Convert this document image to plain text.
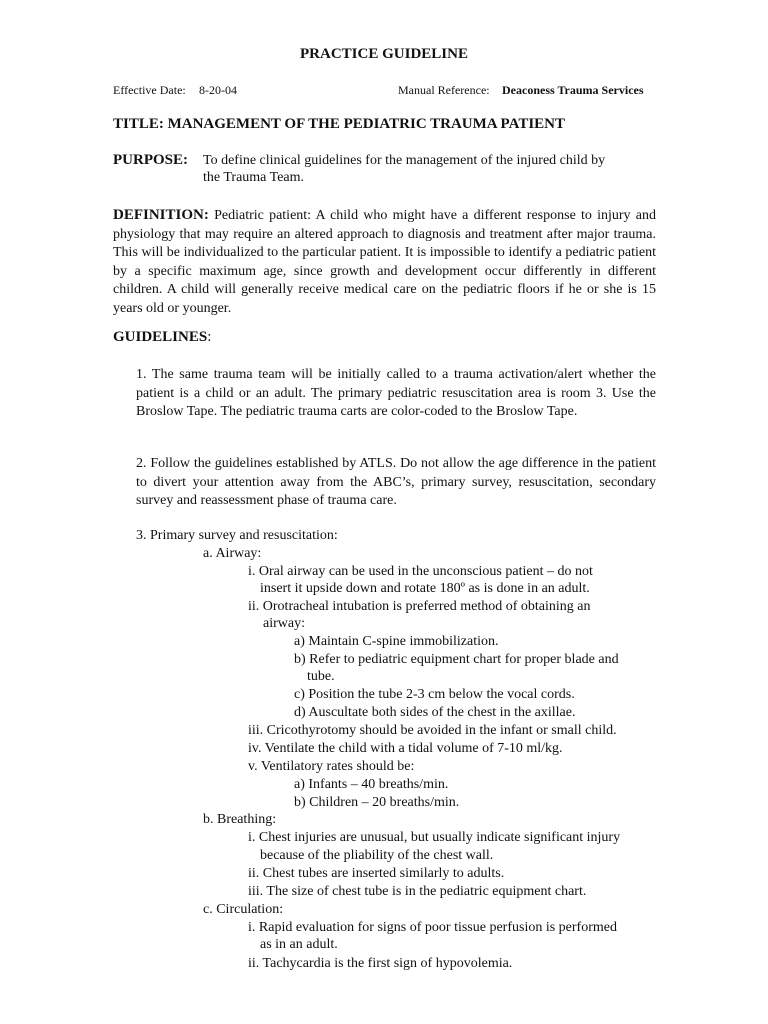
PRACTICE GUIDELINE
Effective Date: 8-20-04	Manual Reference: Deaconess Trauma Services
TITLE: MANAGEMENT OF THE PEDIATRIC TRAUMA PATIENT
PURPOSE: To define clinical guidelines for the management of the injured child by
the Trauma Team.
DEFINITION: Pediatric patient: A child who might have a different response to injury and physiology that may require an altered approach to diagnosis and treatment after major trauma. This will be individualized to the particular patient. It is impossible to identify a pediatric patient by a specific maximum age, since growth and development occur differently in different children. A child will generally receive medical care on the pediatric floors if he or she is 15 years old or younger.
GUIDELINES:
1. The same trauma team will be initially called to a trauma activation/alert whether the patient is a child or an adult. The primary pediatric resuscitation area is room 3. Use the Broslow Tape. The pediatric trauma carts are color-coded to the Broslow Tape.
2. Follow the guidelines established by ATLS. Do not allow the age difference in the patient to divert your attention away from the ABC’s, primary survey, resuscitation, secondary survey and reassessment phase of trauma care.
3. Primary survey and resuscitation:
a. Airway:
i. Oral airway can be used in the unconscious patient – do not
insert it upside down and rotate 180º as is done in an adult.
ii. Orotracheal intubation is preferred method of obtaining an
airway:
a) Maintain C-spine immobilization.
b) Refer to pediatric equipment chart for proper blade and
tube.
c) Position the tube 2-3 cm below the vocal cords.
d) Auscultate both sides of the chest in the axillae.
iii. Cricothyrotomy should be avoided in the infant or small child.
iv. Ventilate the child with a tidal volume of 7-10 ml/kg.
v. Ventilatory rates should be:
a) Infants – 40 breaths/min.
b) Children – 20 breaths/min.
b. Breathing:
i. Chest injuries are unusual, but usually indicate significant injury
because of the pliability of the chest wall.
ii. Chest tubes are inserted similarly to adults.
iii. The size of chest tube is in the pediatric equipment chart.
c. Circulation:
i. Rapid evaluation for signs of poor tissue perfusion is performed
as in an adult.
ii. Tachycardia is the first sign of hypovolemia.
